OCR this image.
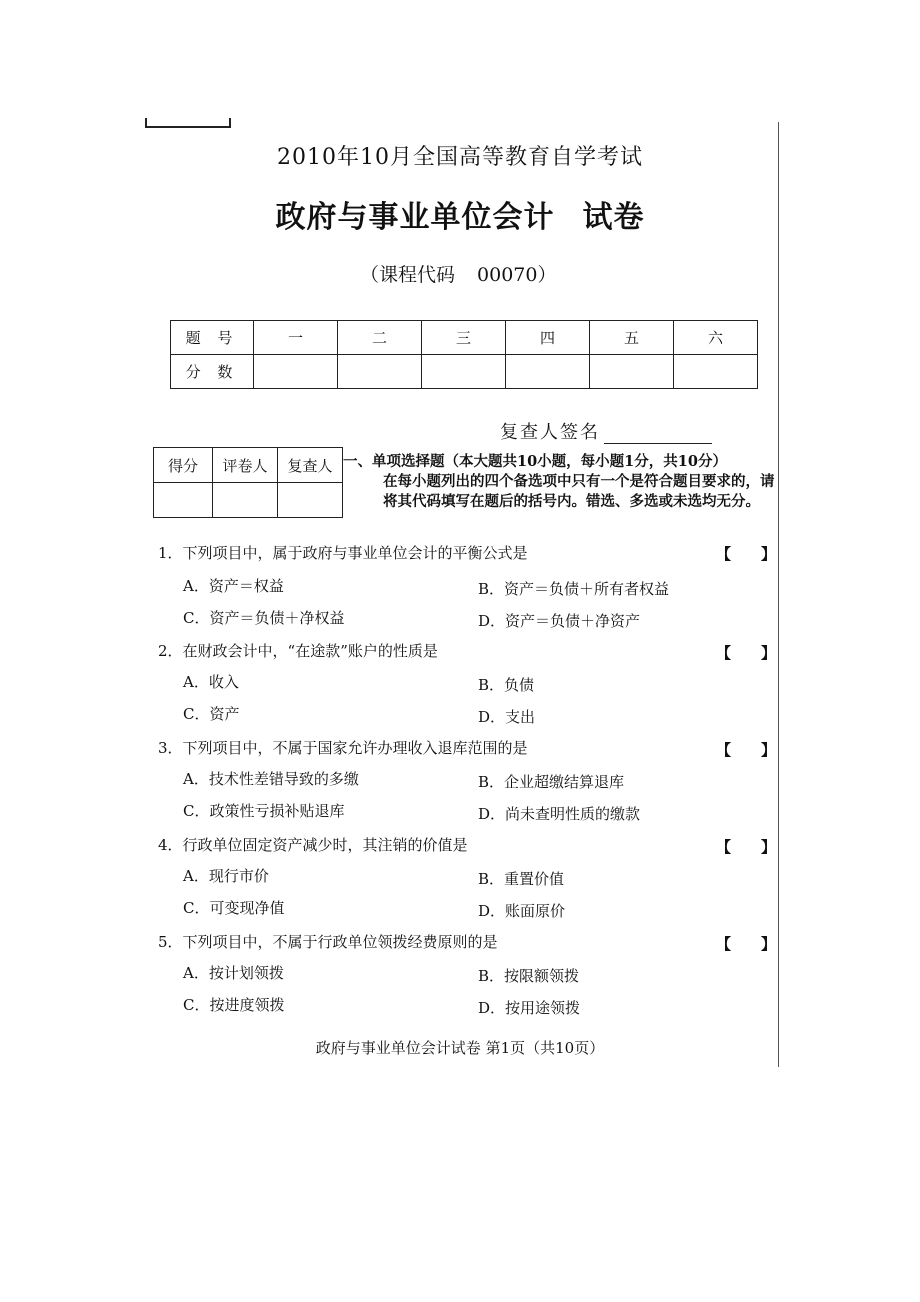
2010年10月全国高等教育自学考试
政府与事业单位会计 试卷
（课程代码 00070）
题 号	一	二	三	四	五	六
分 数						
复查人签名
得分	评卷人	复查人
		一、单项选择题（本大题共10小题，每小题1分，共10分）
在每小题列出的四个备选项中只有一个是符合题目要求的，请将其代码填写在题后的括号内。错选、多选或未选均无分。
1．下列项目中，属于政府与事业单位会计的平衡公式是	【 】
A．资产＝权益	B．资产＝负债＋所有者权益
C．资产＝负债＋净权益	D．资产＝负债＋净资产
2．在财政会计中，“在途款”账户的性质是	【 】
A．收入	B．负债
C．资产	D．支出
3．下列项目中，不属于国家允许办理收入退库范围的是	【 】
A．技术性差错导致的多缴	B．企业超缴结算退库
C．政策性亏损补贴退库	D．尚未查明性质的缴款
4．行政单位固定资产减少时，其注销的价值是	【 】
A．现行市价	B．重置价值
C．可变现净值	D．账面原价
5．下列项目中，不属于行政单位领拨经费原则的是	【 】
A．按计划领拨	B．按限额领拨
C．按进度领拨	D．按用途领拨
政府与事业单位会计试卷 第1页（共10页）
